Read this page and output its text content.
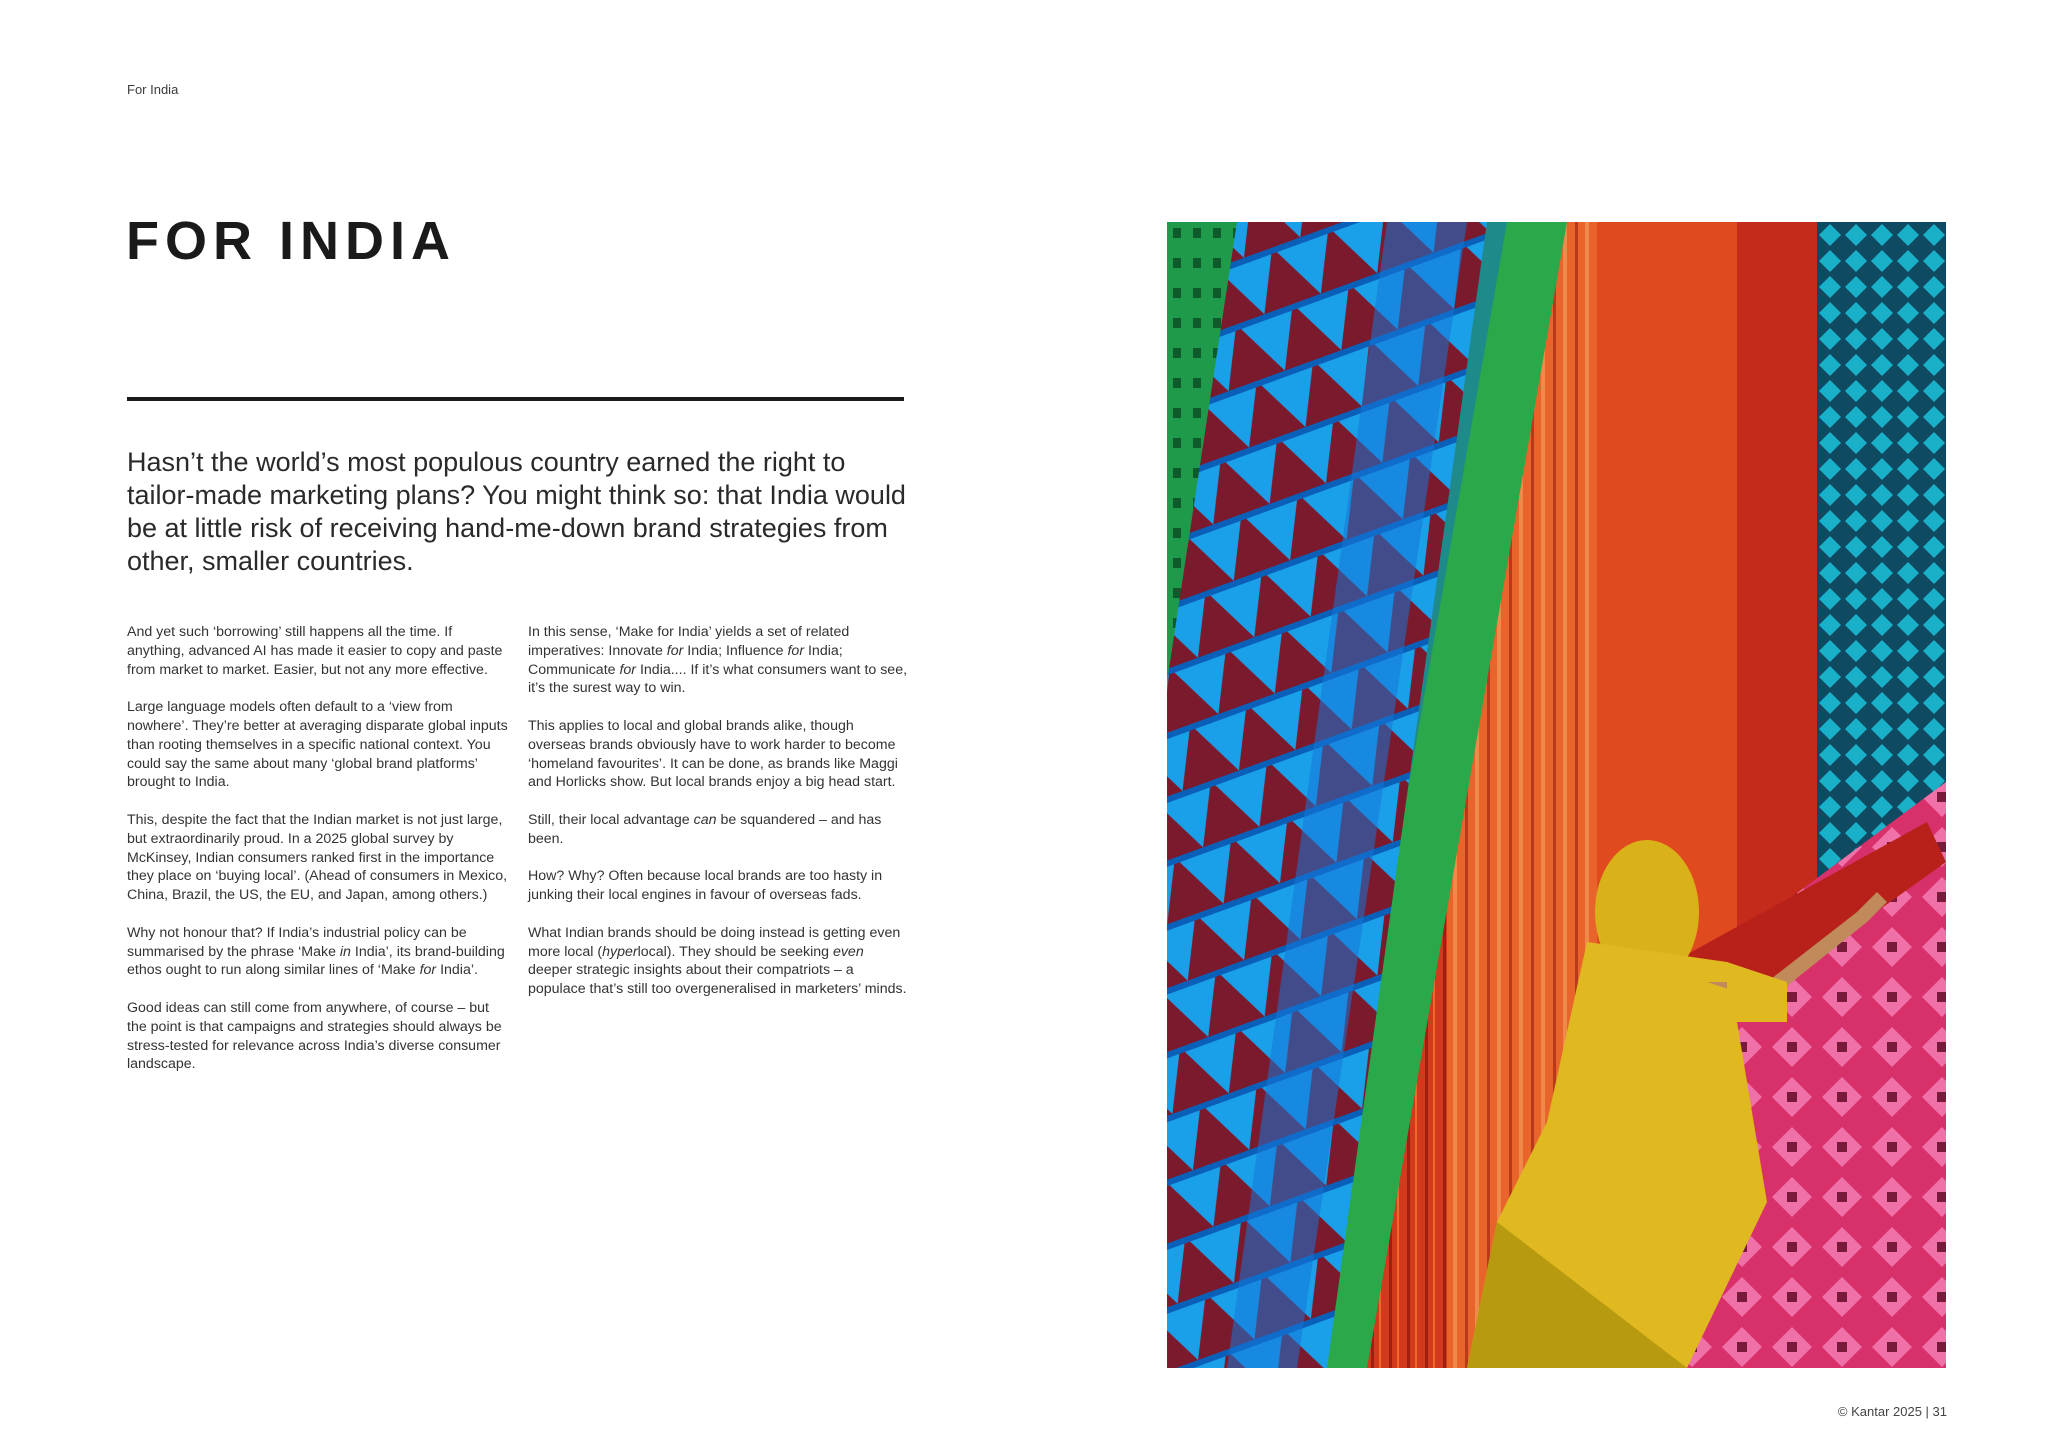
For India
FOR INDIA

Hasn’t the world’s most populous country earned the right to tailor-made marketing plans? You might think so: that India would be at little risk of receiving hand-me-down brand strategies from other, smaller countries.

And yet such ‘borrowing’ still happens all the time. If anything, advanced AI has made it easier to copy and paste from market to market. Easier, but not any more effective.

Large language models often default to a ‘view from nowhere’. They’re better at averaging disparate global inputs than rooting themselves in a specific national context. You could say the same about many ‘global brand platforms’ brought to India.

This, despite the fact that the Indian market is not just large, but extraordinarily proud. In a 2025 global survey by McKinsey, Indian consumers ranked first in the importance they place on ‘buying local’. (Ahead of consumers in Mexico, China, Brazil, the US, the EU, and Japan, among others.)

Why not honour that? If India’s industrial policy can be summarised by the phrase ‘Make in India’, its brand-building ethos ought to run along similar lines of ‘Make for India’.

Good ideas can still come from anywhere, of course – but the point is that campaigns and strategies should always be stress-tested for relevance across India’s diverse consumer landscape.

In this sense, ‘Make for India’ yields a set of related imperatives: Innovate for India; Influence for India; Communicate for India.... If it’s what consumers want to see, it’s the surest way to win.

This applies to local and global brands alike, though overseas brands obviously have to work harder to become ‘homeland favourites’. It can be done, as brands like Maggi and Horlicks show. But local brands enjoy a big head start.

Still, their local advantage can be squandered – and has been.

How? Why? Often because local brands are too hasty in junking their local engines in favour of overseas fads.

What Indian brands should be doing instead is getting even more local (hyperlocal). They should be seeking even deeper strategic insights about their compatriots – a populace that’s still too overgeneralised in marketers’ minds.

© Kantar 2025 | 31
